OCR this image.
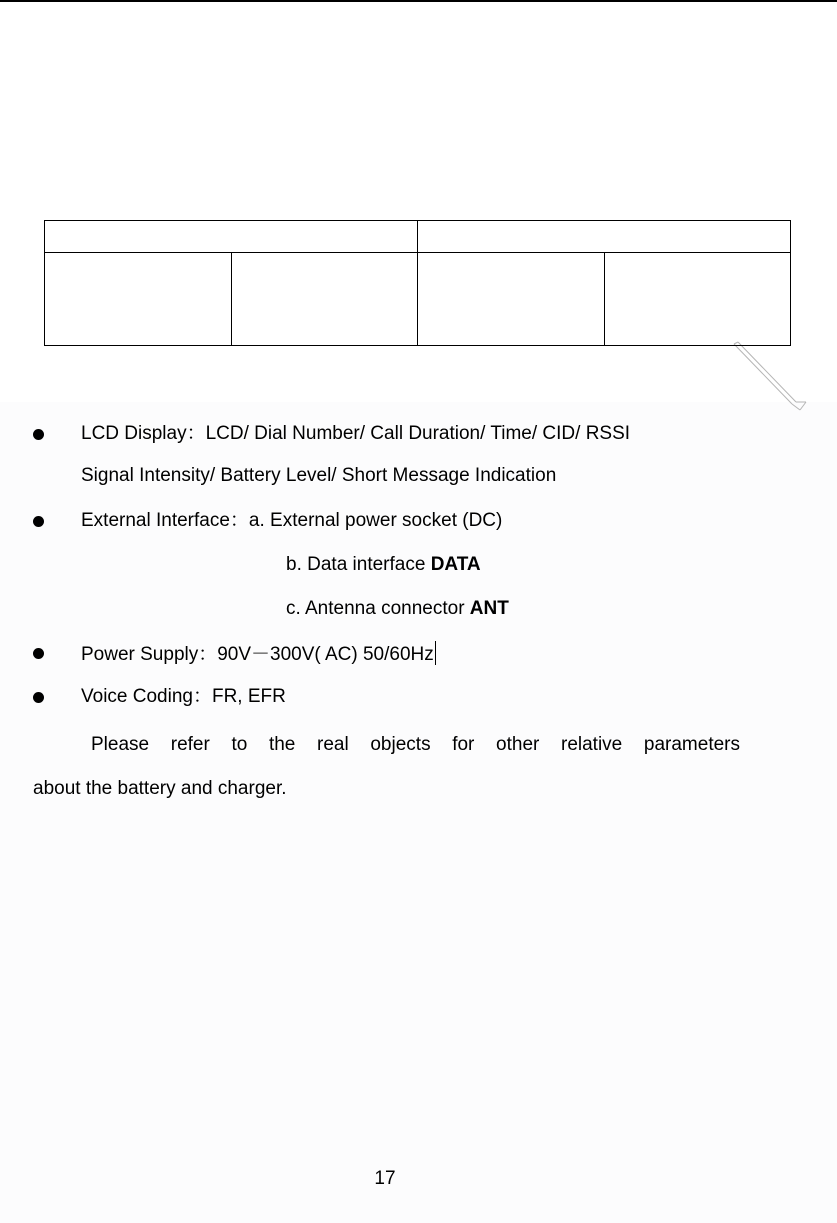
LCD Display：LCD/ Dial Number/ Call Duration/ Time/ CID/ RSSI
Signal Intensity/ Battery Level/ Short Message Indication
External Interface：a. External power socket (DC)
b. Data interface DATA
c. Antenna connector ANT
Power Supply：90V－300V( AC) 50/60Hz
Voice Coding：FR, EFR
Please refer to the real objects for other relative parameters
about the battery and charger.
17
